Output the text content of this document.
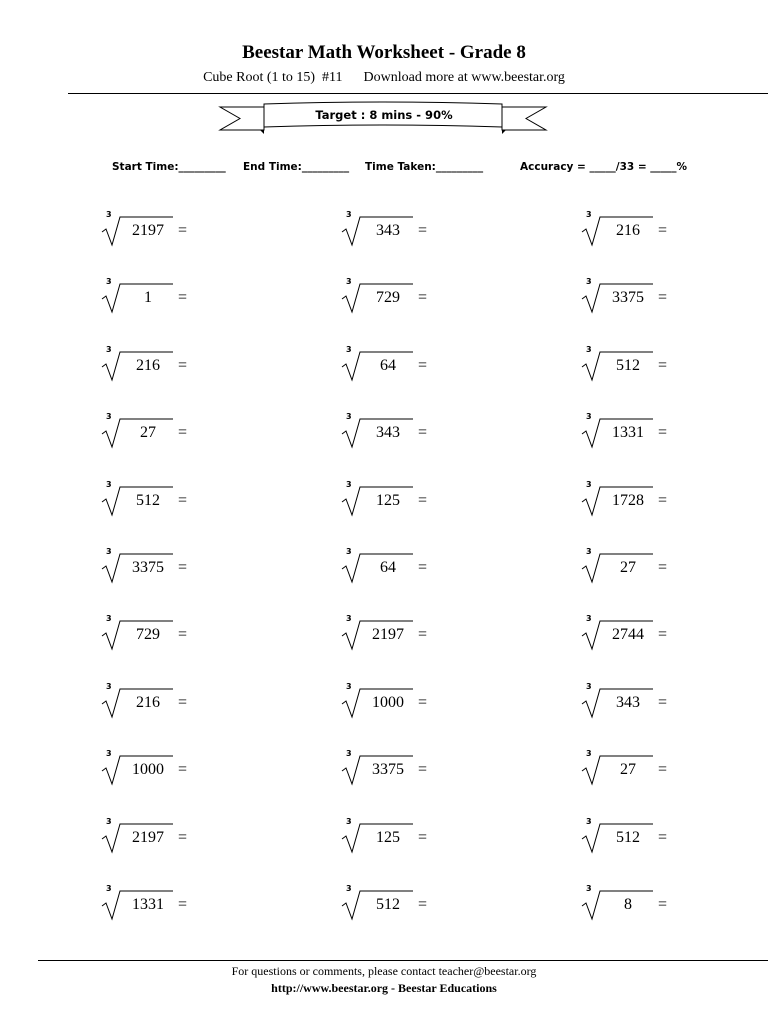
Beestar Math Worksheet - Grade 8
Cube Root (1 to 15)  #11      Download more at www.beestar.org
Target : 8 mins - 90%
Start Time:_________ End Time:_________ Time Taken:_________	Accuracy = _____/33 = _____%
3
2197 =
3
343	=
3
216	=
3
1	=
3
729	=
3
3375 =
3
216	=
3
64	=
3
512	=
3
27	=
3
343	=
3
1331 =
3
512	=
3
125	=
3
1728 =
3
3375 =
3
64	=
3
27	=
3
729	=
3
2197 =
3
2744 =
3
216	=
3
1000 =
3
343	=
3
1000 =
3
3375 =
3
27	=
3
2197 =
3
125	=
3
512	=
3
1331 =
3
512	=
3
8	=
For questions or comments, please contact teacher@beestar.org
http://www.beestar.org - Beestar Educations
